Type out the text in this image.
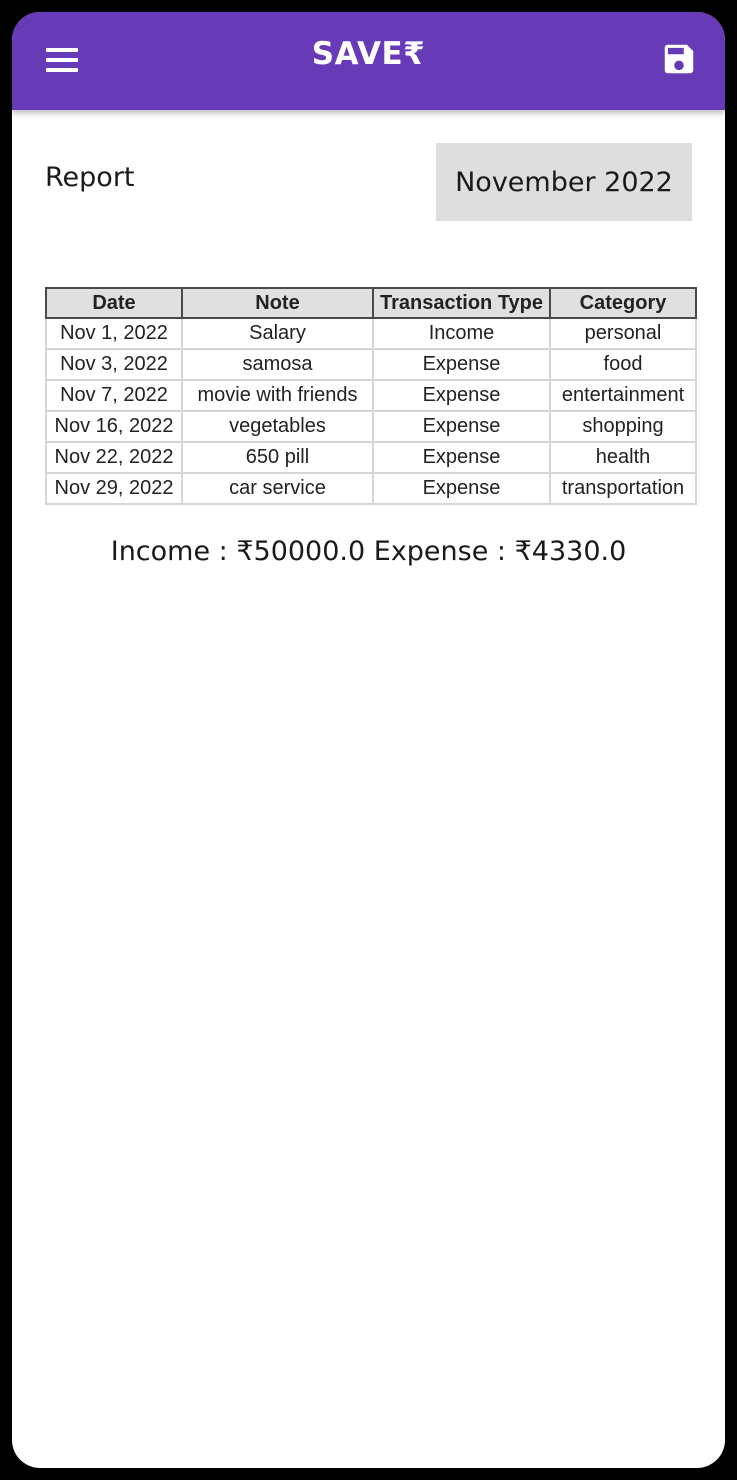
SAVE₹
Report	November 2022
Date	Note	Transaction Type	Category
Nov 1, 2022	Salary	Income	personal
Nov 3, 2022	samosa	Expense	food
Nov 7, 2022	movie with friends	Expense	entertainment
Nov 16, 2022	vegetables	Expense	shopping
Nov 22, 2022	650 pill	Expense	health
Nov 29, 2022	car service	Expense	transportation
Income : ₹50000.0 Expense : ₹4330.0
